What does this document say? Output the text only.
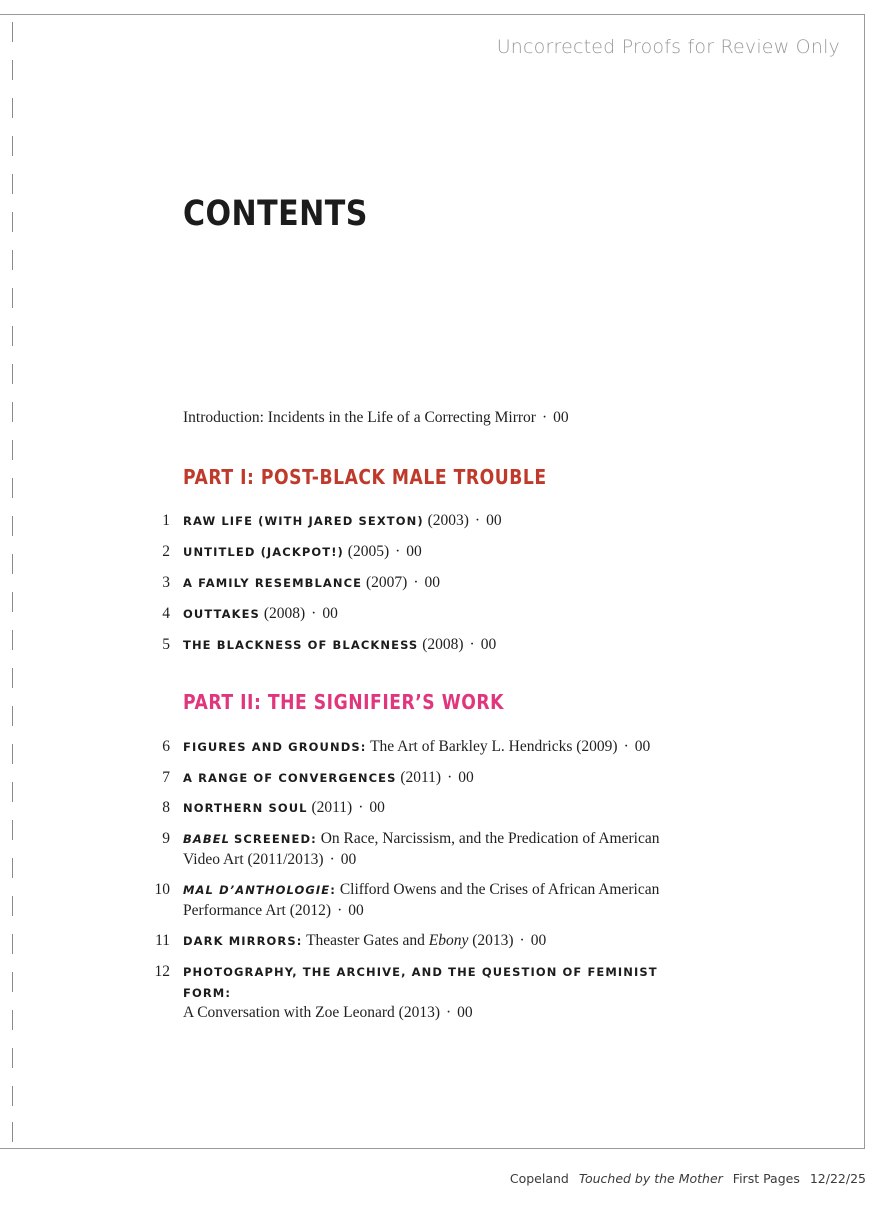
Uncorrected Proofs for Review Only
CONTENTS
Introduction: Incidents in the Life of a Correcting Mirror · 00
PART I: POST-BLACK MALE TROUBLE
1 RAW LIFE (WITH JARED SEXTON) (2003) · 00
2 UNTITLED (JACKPOT!) (2005) · 00
3 A FAMILY RESEMBLANCE (2007) · 00
4 OUTTAKES (2008) · 00
5 THE BLACKNESS OF BLACKNESS (2008) · 00
PART II: THE SIGNIFIER’S WORK
6 FIGURES AND GROUNDS: The Art of Barkley L. Hendricks (2009) · 00
7 A RANGE OF CONVERGENCES (2011) · 00
8 NORTHERN SOUL (2011) · 00
9 BABEL SCREENED: On Race, Narcissism, and the Predication of American
Video Art (2011/2013) · 00
10 MAL D’ANTHOLOGIE: Clifford Owens and the Crises of African American
Performance Art (2012) · 00
11 DARK MIRRORS: Theaster Gates and Ebony (2013) · 00
12 PHOTOGRAPHY, THE ARCHIVE, AND THE QUESTION OF FEMINIST FORM:
A Conversation with Zoe Leonard (2013) · 00
Copeland Touched by the Mother First Pages 12/22/25
